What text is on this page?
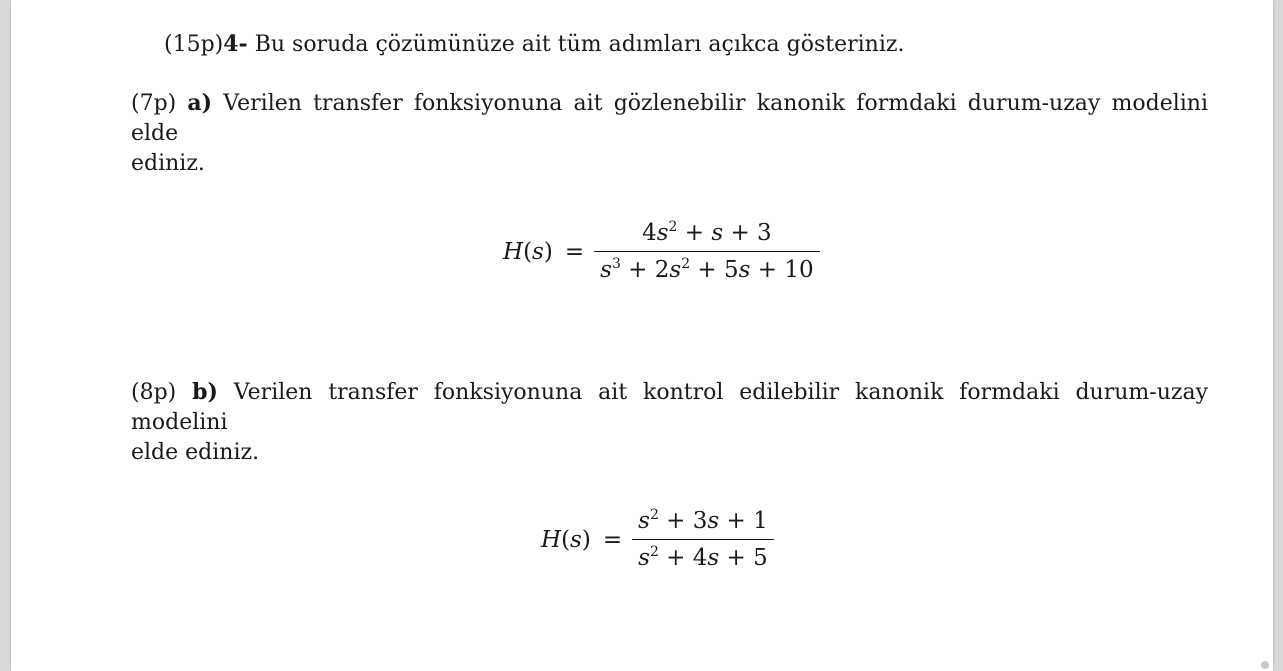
(15p)4- Bu soruda çözümünüze ait tüm adımları açıkca gösteriniz.

(7p) a) Verilen transfer fonksiyonuna ait gözlenebilir kanonik formdaki durum-uzay modelini elde
ediniz.
$H(s) = \frac{4s^2 + s + 3}{s^3 + 2s^2 + 5s + 10}$
(8p) b) Verilen transfer fonksiyonuna ait kontrol edilebilir kanonik formdaki durum-uzay modelini
elde ediniz.
$H(s) = \frac{s^2 + 3s + 1}{s^2 + 4s + 5}$
